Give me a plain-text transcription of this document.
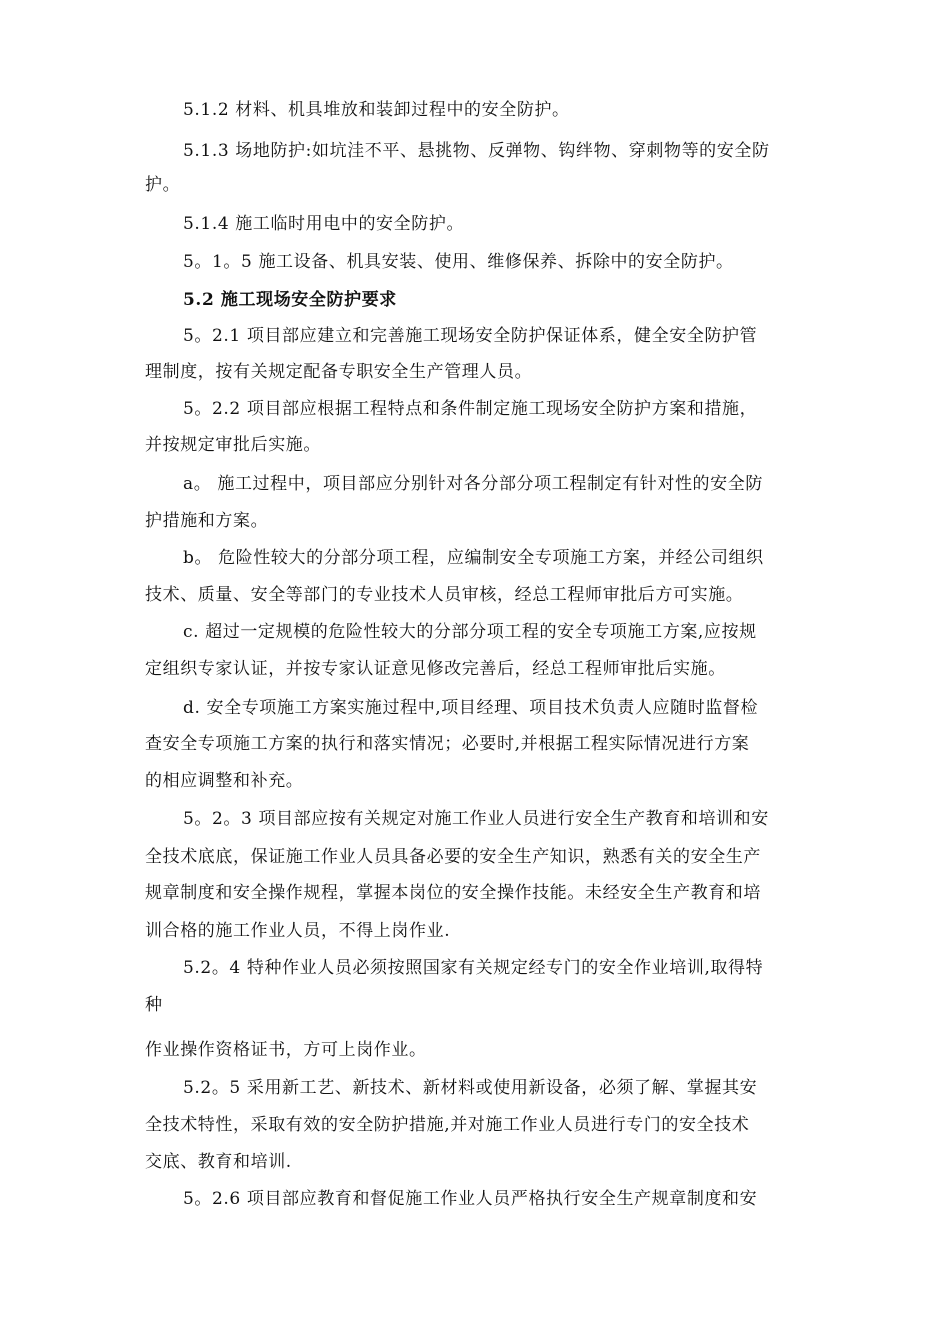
5.1.2 材料、机具堆放和装卸过程中的安全防护。
5.1.3 场地防护:如坑洼不平、悬挑物、反弹物、钩绊物、穿刺物等的安全防
护。
5.1.4 施工临时用电中的安全防护。
5。1。5 施工设备、机具安装、使用、维修保养、拆除中的安全防护。
5.2 施工现场安全防护要求
5。2.1 项目部应建立和完善施工现场安全防护保证体系，健全安全防护管
理制度，按有关规定配备专职安全生产管理人员。
5。2.2 项目部应根据工程特点和条件制定施工现场安全防护方案和措施，
并按规定审批后实施。
a。 施工过程中，项目部应分别针对各分部分项工程制定有针对性的安全防
护措施和方案。
b。 危险性较大的分部分项工程，应编制安全专项施工方案，并经公司组织
技术、质量、安全等部门的专业技术人员审核，经总工程师审批后方可实施。
c. 超过一定规模的危险性较大的分部分项工程的安全专项施工方案,应按规
定组织专家认证，并按专家认证意见修改完善后，经总工程师审批后实施。
d. 安全专项施工方案实施过程中,项目经理、项目技术负责人应随时监督检
查安全专项施工方案的执行和落实情况；必要时,并根据工程实际情况进行方案
的相应调整和补充。
5。2。3 项目部应按有关规定对施工作业人员进行安全生产教育和培训和安
全技术底底，保证施工作业人员具备必要的安全生产知识，熟悉有关的安全生产
规章制度和安全操作规程，掌握本岗位的安全操作技能。未经安全生产教育和培
训合格的施工作业人员，不得上岗作业.
5.2。4 特种作业人员必须按照国家有关规定经专门的安全作业培训,取得特
种
作业操作资格证书，方可上岗作业。
5.2。5 采用新工艺、新技术、新材料或使用新设备，必须了解、掌握其安
全技术特性，采取有效的安全防护措施,并对施工作业人员进行专门的安全技术
交底、教育和培训.
5。2.6 项目部应教育和督促施工作业人员严格执行安全生产规章制度和安
